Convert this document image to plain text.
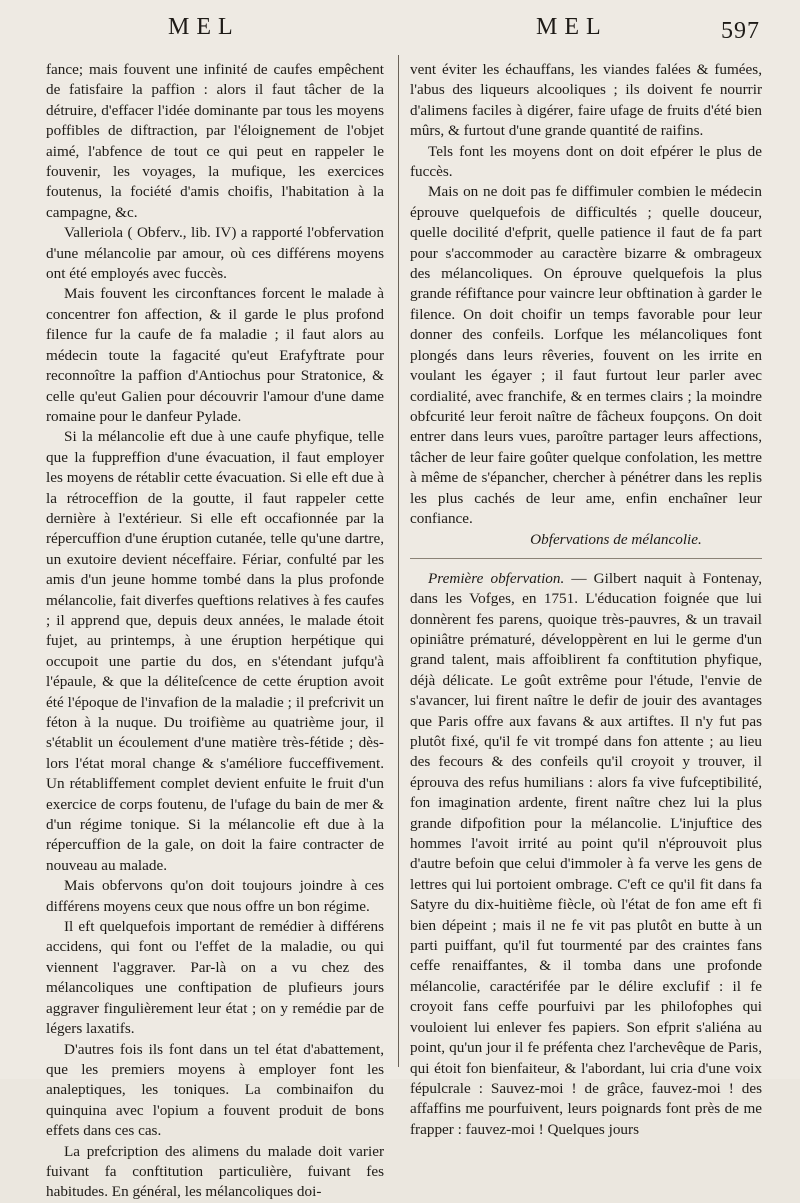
MEL	MEL	597

fance; mais fouvent une infinité de caufes empêchent de fatisfaire la paffion : alors il faut tâcher de la détruire, d'effacer l'idée dominante par tous les moyens poffibles de diftraction, par l'éloignement de l'objet aimé, l'abfence de tout ce qui peut en rappeler le fouvenir, les voyages, la mufique, les exercices foutenus, la fociété d'amis choifis, l'habitation à la campagne, &c.

Valleriola ( Obferv., lib. IV) a rapporté l'obfervation d'une mélancolie par amour, où ces différens moyens ont été employés avec fuccès.

Mais fouvent les circonftances forcent le malade à concentrer fon affection, & il garde le plus profond filence fur la caufe de fa maladie ; il faut alors au médecin toute la fagacité qu'eut Erafyftrate pour reconnoître la paffion d'Antiochus pour Stratonice, & celle qu'eut Galien pour découvrir l'amour d'une dame romaine pour le danfeur Pylade.

Si la mélancolie eft due à une caufe phyfique, telle que la fuppreffion d'une évacuation, il faut employer les moyens de rétablir cette évacuation. Si elle eft due à la rétroceffion de la goutte, il faut rappeler cette dernière à l'extérieur. Si elle eft occafionnée par la répercuffion d'une éruption cutanée, telle qu'une dartre, un exutoire devient néceffaire. Fériar, confulté par les amis d'un jeune homme tombé dans la plus profonde mélancolie, fait diverfes queftions relatives à fes caufes ; il apprend que, depuis deux années, le malade étoit fujet, au printemps, à une éruption herpétique qui occupoit une partie du dos, en s'étendant jufqu'à l'épaule, & que la déliteſcence de cette éruption avoit été l'époque de l'invafion de la maladie ; il prefcrivit un féton à la nuque. Du troifième au quatrième jour, il s'établit un écoulement d'une matière très-fétide ; dès-lors l'état moral change & s'améliore fucceffivement. Un rétabliffement complet devient enfuite le fruit d'un exercice de corps foutenu, de l'ufage du bain de mer & d'un régime tonique. Si la mélancolie eft due à la répercuffion de la gale, on doit la faire contracter de nouveau au malade.

Mais obfervons qu'on doit toujours joindre à ces différens moyens ceux que nous offre un bon régime.

Il eft quelquefois important de remédier à différens accidens, qui font ou l'effet de la maladie, ou qui viennent l'aggraver. Par-là on a vu chez des mélancoliques une conftipation de plufieurs jours aggraver fingulièrement leur état ; on y remédie par de légers laxatifs.

D'autres fois ils font dans un tel état d'abattement, que les premiers moyens à employer font les analeptiques, les toniques. La combinaifon du quinquina avec l'opium a fouvent produit de bons effets dans ces cas.

La prefcription des alimens du malade doit varier fuivant fa conftitution particulière, fuivant fes habitudes. En général, les mélancoliques doi-

vent éviter les échauffans, les viandes falées & fumées, l'abus des liqueurs alcooliques ; ils doivent fe nourrir d'alimens faciles à digérer, faire ufage de fruits d'été bien mûrs, & furtout d'une grande quantité de raifins.

Tels font les moyens dont on doit efpérer le plus de fuccès.

Mais on ne doit pas fe diffimuler combien le médecin éprouve quelquefois de difficultés ; quelle douceur, quelle docilité d'efprit, quelle patience il faut de fa part pour s'accommoder au caractère bizarre & ombrageux des mélancoliques. On éprouve quelquefois la plus grande réfiftance pour vaincre leur obftination à garder le filence. On doit choifir un temps favorable pour leur donner des confeils. Lorfque les mélancoliques font plongés dans leurs rêveries, fouvent on les irrite en voulant les égayer ; il faut furtout leur parler avec cordialité, avec franchife, & en termes clairs ; la moindre obfcurité leur feroit naître de fâcheux foupçons. On doit entrer dans leurs vues, paroître partager leurs affections, tâcher de leur faire goûter quelque confolation, les mettre à même de s'épancher, chercher à pénétrer dans les replis les plus cachés de leur ame, enfin enchaîner leur confiance.

Obfervations de mélancolie.

Première obfervation. — Gilbert naquit à Fontenay, dans les Vofges, en 1751. L'éducation foignée que lui donnèrent fes parens, quoique très-pauvres, & un travail opiniâtre prématuré, développèrent en lui le germe d'un grand talent, mais affoiblirent fa conftitution phyfique, déjà délicate. Le goût extrême pour l'étude, l'envie de s'avancer, lui firent naître le defir de jouir des avantages que Paris offre aux favans & aux artiftes. Il n'y fut pas plutôt fixé, qu'il fe vit trompé dans fon attente ; au lieu des fecours & des confeils qu'il croyoit y trouver, il éprouva des refus humilians : alors fa vive fufceptibilité, fon imagination ardente, firent naître chez lui la plus grande difpofition pour la mélancolie. L'injuftice des hommes l'avoit irrité au point qu'il n'éprouvoit plus d'autre befoin que celui d'immoler à fa verve les gens de lettres qui lui portoient ombrage. C'eft ce qu'il fit dans fa Satyre du dix-huitième fiècle, où l'état de fon ame eft fi bien dépeint ; mais il ne fe vit pas plutôt en butte à un parti puiffant, qu'il fut tourmenté par des craintes fans ceffe renaiffantes, & il tomba dans une profonde mélancolie, caractérifée par le délire exclufif : il fe croyoit fans ceffe pourfuivi par les philofophes qui vouloient lui enlever fes papiers. Son efprit s'aliéna au point, qu'un jour il fe préfenta chez l'archevêque de Paris, qui étoit fon bienfaiteur, & l'abordant, lui cria d'une voix fépulcrale : Sauvez-moi ! de grâce, fauvez-moi ! des affaffins me pourfuivent, leurs poignards font près de me frapper : fauvez-moi ! Quelques jours
